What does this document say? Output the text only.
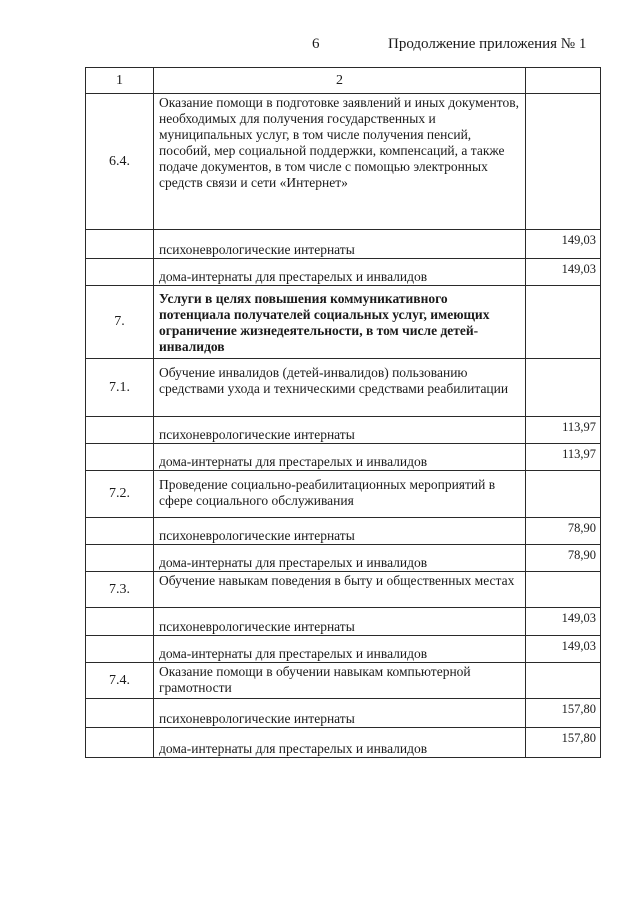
6	Продолжение приложения № 1
1	2	
6.4.	Оказание помощи в подготовке заявлений и иных документов, необходимых для получения государственных и муниципальных услуг, в том числе получения пенсий, пособий, мер социальной поддержки, компенсаций, а также подаче документов, в том числе с помощью электронных средств связи и сети «Интернет»	
	психоневрологические интернаты	149,03
	дома-интернаты для престарелых и инвалидов	149,03
7.	Услуги в целях повышения коммуникативного потенциала получателей социальных услуг, имеющих ограничение жизнедеятельности, в том числе детей-инвалидов	
7.1.	Обучение инвалидов (детей-инвалидов) пользованию средствами ухода и техническими средствами реабилитации	
	психоневрологические интернаты	113,97
	дома-интернаты для престарелых и инвалидов	113,97
7.2.	Проведение социально-реабилитационных мероприятий в сфере социального обслуживания	
	психоневрологические интернаты	78,90
	дома-интернаты для престарелых и инвалидов	78,90
7.3.	Обучение навыкам поведения в быту и общественных местах	
	психоневрологические интернаты	149,03
	дома-интернаты для престарелых и инвалидов	149,03
7.4.	Оказание помощи в обучении навыкам компьютерной грамотности	
	психоневрологические интернаты	157,80
	дома-интернаты для престарелых и инвалидов	157,80
